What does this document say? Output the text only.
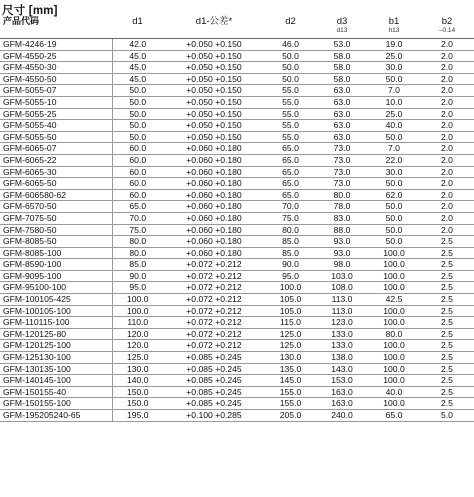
尺寸 [mm]
产品代码	d1	d1-公差*	d2	d3	b1	b2
				d13	h13	–0.14
GFM-4246-19	42.0	+0.050 +0.150	46.0	53.0	19.0	2.0
GFM-4550-25	45.0	+0.050 +0.150	50.0	58.0	25.0	2.0
GFM-4550-30	45.0	+0.050 +0.150	50.0	58.0	30.0	2.0
GFM-4550-50	45.0	+0.050 +0.150	50.0	58.0	50.0	2.0
GFM-5055-07	50.0	+0.050 +0.150	55.0	63.0	7.0	2.0
GFM-5055-10	50.0	+0.050 +0.150	55.0	63.0	10.0	2.0
GFM-5055-25	50.0	+0.050 +0.150	55.0	63.0	25.0	2.0
GFM-5055-40	50.0	+0.050 +0.150	55.0	63.0	40.0	2.0
GFM-5055-50	50.0	+0.050 +0.150	55.0	63.0	50.0	2.0
GFM-6065-07	60.0	+0.060 +0.180	65.0	73.0	7.0	2.0
GFM-6065-22	60.0	+0.060 +0.180	65.0	73.0	22.0	2.0
GFM-6065-30	60.0	+0.060 +0.180	65.0	73.0	30.0	2.0
GFM-6065-50	60.0	+0.060 +0.180	65.0	73.0	50.0	2.0
GFM-606580-62	60.0	+0.060 +0.180	65.0	80.0	62.0	2.0
GFM-6570-50	65.0	+0.060 +0.180	70.0	78.0	50.0	2.0
GFM-7075-50	70.0	+0.060 +0.180	75.0	83.0	50.0	2.0
GFM-7580-50	75.0	+0.060 +0.180	80.0	88.0	50.0	2.0
GFM-8085-50	80.0	+0.060 +0.180	85.0	93.0	50.0	2.5
GFM-8085-100	80.0	+0.060 +0.180	85.0	93.0	100.0	2.5
GFM-8590-100	85.0	+0.072 +0.212	90.0	98.0	100.0	2.5
GFM-9095-100	90.0	+0.072 +0.212	95.0	103.0	100.0	2.5
GFM-95100-100	95.0	+0.072 +0.212	100.0	108.0	100.0	2.5
GFM-100105-425	100.0	+0.072 +0.212	105.0	113.0	42.5	2.5
GFM-100105-100	100.0	+0.072 +0.212	105.0	113.0	100.0	2.5
GFM-110115-100	110.0	+0.072 +0.212	115.0	123.0	100.0	2.5
GFM-120125-80	120.0	+0.072 +0.212	125.0	133.0	80.0	2.5
GFM-120125-100	120.0	+0.072 +0.212	125.0	133.0	100.0	2.5
GFM-125130-100	125.0	+0.085 +0.245	130.0	138.0	100.0	2.5
GFM-130135-100	130.0	+0.085 +0.245	135.0	143.0	100.0	2.5
GFM-140145-100	140.0	+0.085 +0.245	145.0	153.0	100.0	2.5
GFM-150155-40	150.0	+0.085 +0.245	155.0	163.0	40.0	2.5
GFM-150155-100	150.0	+0.085 +0.245	155.0	163.0	100.0	2.5
GFM-195205240-65	195.0	+0.100 +0.285	205.0	240.0	65.0	5.0
